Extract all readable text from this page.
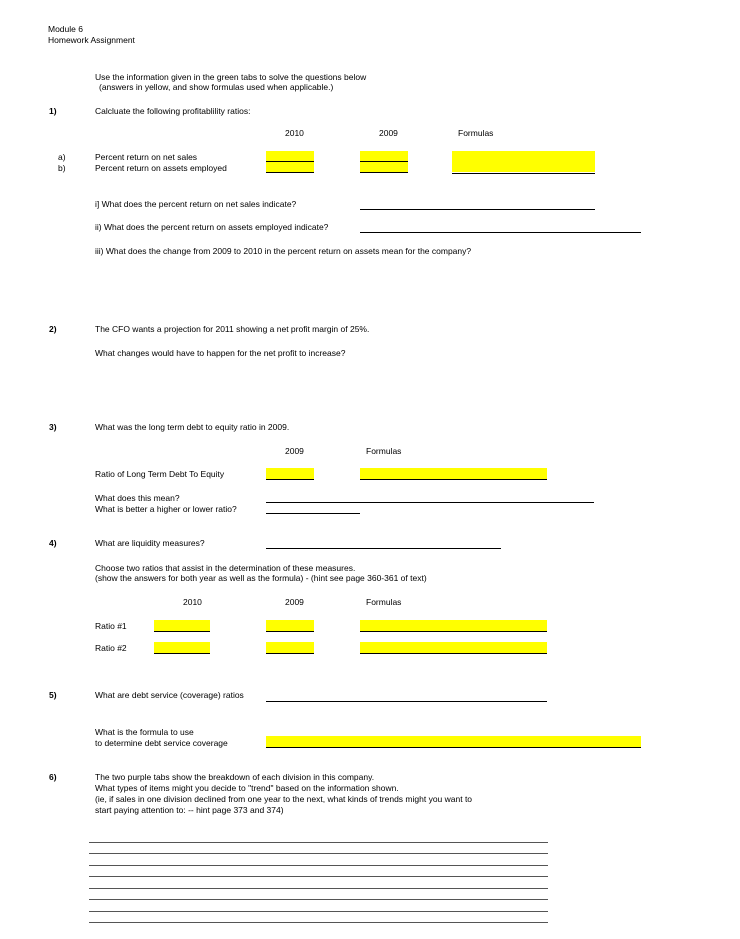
Module 6
Homework Assignment
Use the information given in the green tabs to solve the questions below
(answers in yellow, and show formulas used when applicable.)
1)	Calcluate the following profitablility ratios:
2010	2009	Formulas
a)	Percent return on net sales
b)	Percent return on assets employed
i] What does the percent return on net sales indicate?
ii) What does the percent return on assets employed indicate?
iii) What does the change from 2009 to 2010 in the percent return on assets mean for the company?
2)	The CFO wants a projection for 2011 showing a net profit margin of 25%.
What changes would have to happen for the net profit to increase?
3)	What was the long term debt to equity ratio in 2009.
2009	Formulas
Ratio of Long Term Debt To Equity
What does this mean?
What is better a higher or lower ratio?
4)	What are liquidity measures?
Choose two ratios that assist in the determination of these measures.
(show the answers for both year as well as the formula) - (hint see page 360-361 of text)
2010	2009	Formulas
Ratio #1
Ratio #2
5)	What are debt service (coverage) ratios
What is the formula to use
to determine debt service coverage
6)	The two purple tabs show the breakdown of each division in this company.
What types of items might you decide to "trend" based on the information shown.
(ie, if sales in one division declined from one year to the next, what kinds of trends might you want to
start paying attention to: -- hint page 373 and 374)
